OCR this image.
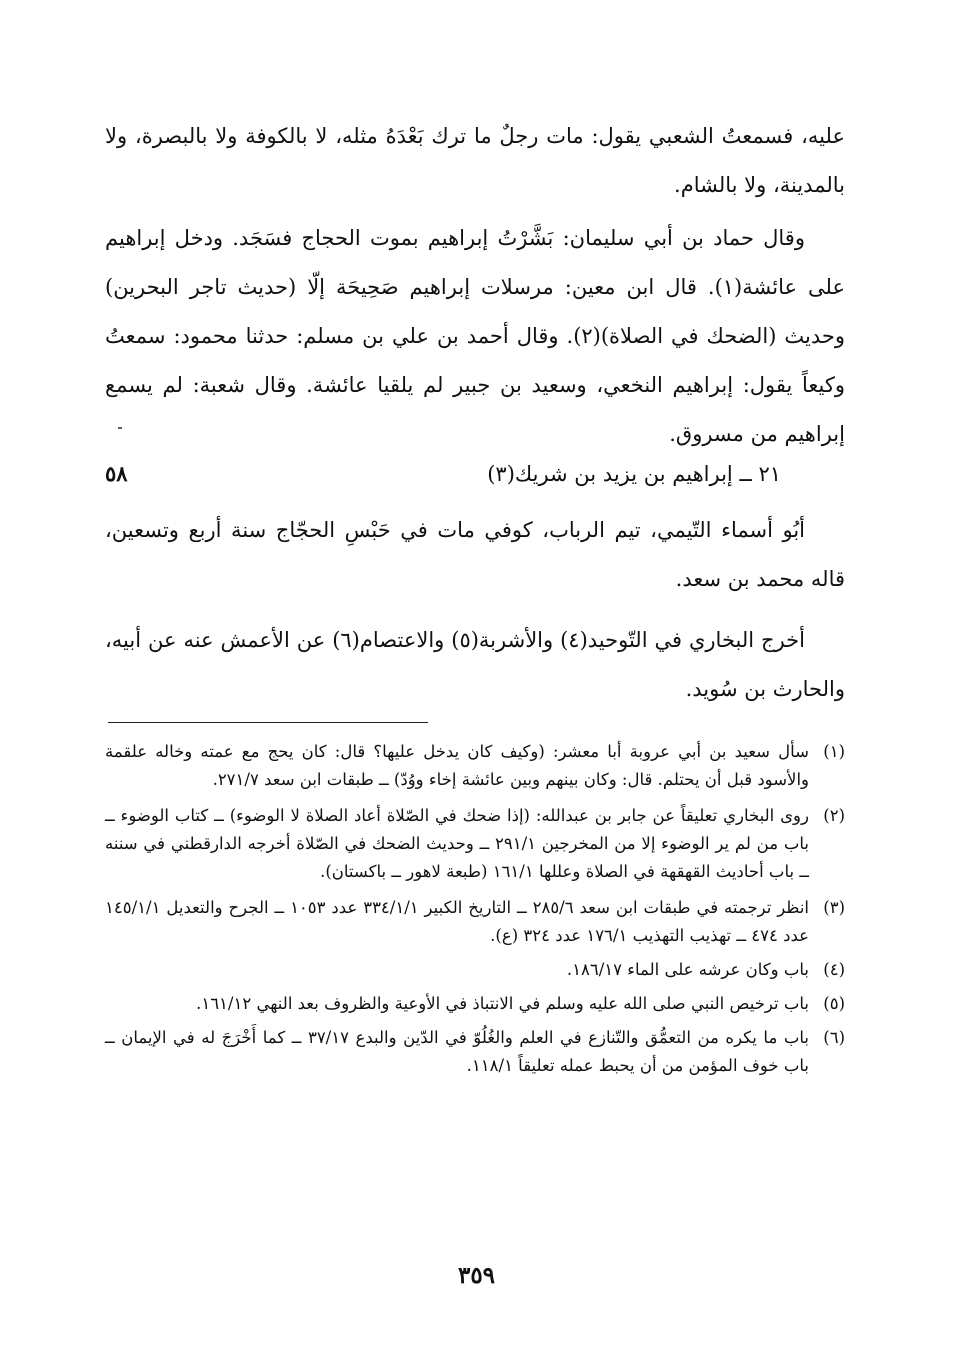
عليه، فسمعتُ الشعبي يقول: مات رجلٌ ما ترك بَعْدَهُ مثله، لا بالكوفة ولا بالبصرة، ولا بالمدينة، ولا بالشام.

وقال حماد بن أبي سليمان: بَشَّرْتُ إبراهيم بموت الحجاج فسَجَد. ودخل إبراهيم على عائشة(١). قال ابن معين: مرسلات إبراهيم صَحِيحَة إلّا (حديث تاجر البحرين) وحديث (الضحك في الصلاة)(٢). وقال أحمد بن علي بن مسلم: حدثنا محمود: سمعتُ وكيعاً يقول: إبراهيم النخعي، وسعيد بن جبير لم يلقيا عائشة. وقال شعبة: لم يسمع إبراهيم من مسروق.

٢١ ــ إبراهيم بن يزيد بن شريك(٣)
٥٨

أبُو أسماء التّيمي، تيم الرباب، كوفي مات في حَبْسِ الحجّاج سنة أربع وتسعين، قاله محمد بن سعد.

أخرج البخاري في التّوحيد(٤) والأشربة(٥) والاعتصام(٦) عن الأعمش عنه عن أبيه، والحارث بن سُويد.

(١)
سأل سعيد بن أبي عروبة أبا معشر: (وكيف كان يدخل عليها؟ قال: كان يحج مع عمته وخاله علقمة والأسود قبل أن يحتلم. قال: وكان بينهم وبين عائشة إخاء ووُدّ) ــ طبقات ابن سعد ٢٧١/٧.
(٢)
روى البخاري تعليقاً عن جابر بن عبدالله: (إذا ضحك في الصّلاة أعاد الصلاة لا الوضوء) ــ كتاب الوضوء ــ باب من لم ير الوضوء إلا من المخرجين ٢٩١/١ ــ وحديث الضحك في الصّلاة أخرجه الدارقطني في سننه ــ باب أحاديث القهقهة في الصلاة وعللها ١٦١/١ (طبعة لاهور ــ باكستان).
(٣)
انظر ترجمته في طبقات ابن سعد ٢٨٥/٦ ــ التاريخ الكبير ٣٣٤/١/١ عدد ١٠٥٣ ــ الجرح والتعديل ١٤٥/١/١ عدد ٤٧٤ ــ تهذيب التهذيب ١٧٦/١ عدد ٣٢٤ (ع).
(٤)
باب وكان عرشه على الماء ١٨٦/١٧.
(٥)
باب ترخيص النبي صلى الله عليه وسلم في الانتباذ في الأوعية والظروف بعد النهي ١٦١/١٢.
(٦)
باب ما يكره من التعمُّق والتّنازع في العلم والغُلُوّ في الدّين والبدع ٣٧/١٧ ــ كما أَخْرَجَ له في الإيمان ــ باب خوف المؤمن من أن يحبط عمله تعليقاً ١١٨/١.
٣٥٩
